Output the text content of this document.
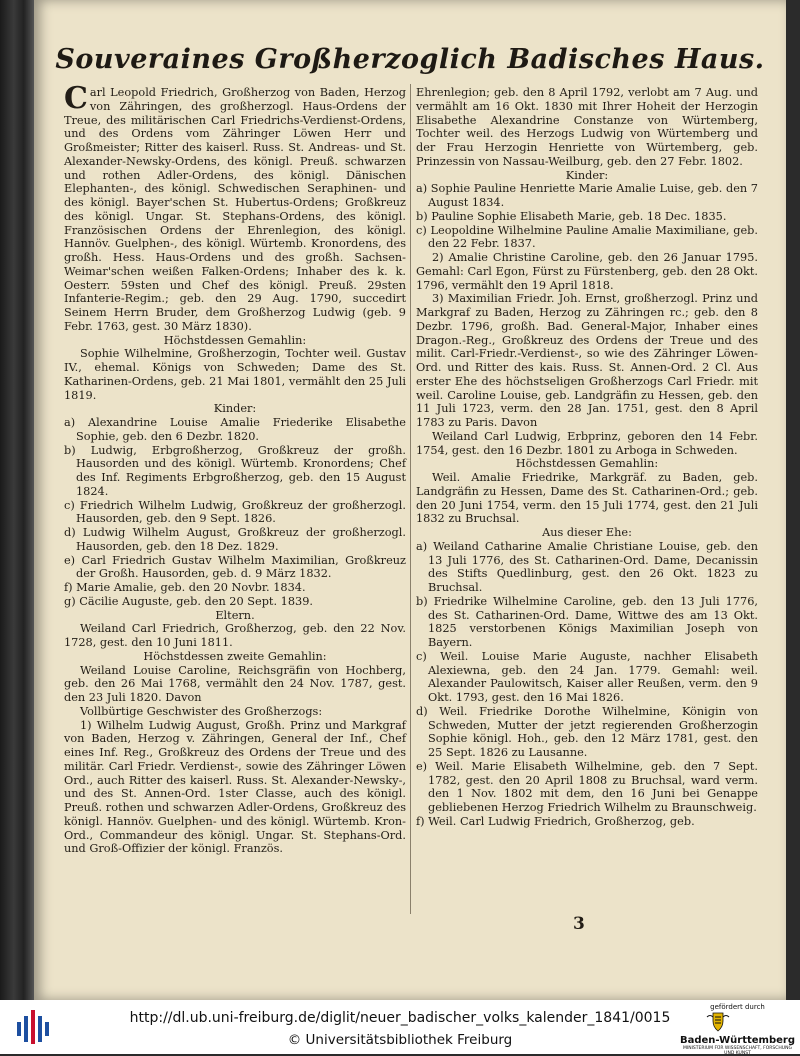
Souveraines Großherzoglich Badisches Haus.

Carl Leopold Friedrich, Großherzog von Baden, Herzog von Zähringen, des großherzogl. Haus-Ordens der Treue, des militärischen Carl Friedrichs-Verdienst-Ordens, und des Ordens vom Zähringer Löwen Herr und Großmeister; Ritter des kaiserl. Russ. St. Andreas- und St. Alexander-Newsky-Ordens, des königl. Preuß. schwarzen und rothen Adler-Ordens, des königl. Dänischen Elephanten-, des königl. Schwedischen Seraphinen- und des königl. Bayer'schen St. Hubertus-Ordens; Großkreuz des königl. Ungar. St. Stephans-Ordens, des königl. Französischen Ordens der Ehrenlegion, des königl. Hannöv. Guelphen-, des königl. Würtemb. Kronordens, des großh. Hess. Haus-Ordens und des großh. Sachsen-Weimar'schen weißen Falken-Ordens; Inhaber des k. k. Oesterr. 59sten und Chef des königl. Preuß. 29sten Infanterie-Regim.; geb. den 29 Aug. 1790, succedirt Seinem Herrn Bruder, dem Großherzog Ludwig (geb. 9 Febr. 1763, gest. 30 März 1830).

Höchstdessen Gemahlin:

Sophie Wilhelmine, Großherzogin, Tochter weil. Gustav IV., ehemal. Königs von Schweden; Dame des St. Katharinen-Ordens, geb. 21 Mai 1801, vermählt den 25 Juli 1819.

Kinder:

a) Alexandrine Louise Amalie Friederike Elisabethe Sophie, geb. den 6 Dezbr. 1820.

b) Ludwig, Erbgroßherzog, Großkreuz der großh. Hausorden und des königl. Würtemb. Kronordens; Chef des Inf. Regiments Erbgroßherzog, geb. den 15 August 1824.

c) Friedrich Wilhelm Ludwig, Großkreuz der großherzogl. Hausorden, geb. den 9 Sept. 1826.

d) Ludwig Wilhelm August, Großkreuz der großherzogl. Hausorden, geb. den 18 Dez. 1829.

e) Carl Friedrich Gustav Wilhelm Maximilian, Großkreuz der Großh. Hausorden, geb. d. 9 März 1832.

f) Marie Amalie, geb. den 20 Novbr. 1834.

g) Cäcilie Auguste, geb. den 20 Sept. 1839.

Eltern.

Weiland Carl Friedrich, Großherzog, geb. den 22 Nov. 1728, gest. den 10 Juni 1811.

Höchstdessen zweite Gemahlin:

Weiland Louise Caroline, Reichsgräfin von Hochberg, geb. den 26 Mai 1768, vermählt den 24 Nov. 1787, gest. den 23 Juli 1820. Davon

Vollbürtige Geschwister des Großherzogs:

1) Wilhelm Ludwig August, Großh. Prinz und Markgraf von Baden, Herzog v. Zähringen, General der Inf., Chef eines Inf. Reg., Großkreuz des Ordens der Treue und des militär. Carl Friedr. Verdienst-, sowie des Zähringer Löwen Ord., auch Ritter des kaiserl. Russ. St. Alexander-Newsky-, und des St. Annen-Ord. 1ster Classe, auch des königl. Preuß. rothen und schwarzen Adler-Ordens, Großkreuz des königl. Hannöv. Guelphen- und des königl. Würtemb. Kron-Ord., Commandeur des königl. Ungar. St. Stephans-Ord. und Groß-Offizier der königl. Französ.

Ehrenlegion; geb. den 8 April 1792, verlobt am 7 Aug. und vermählt am 16 Okt. 1830 mit Ihrer Hoheit der Herzogin Elisabethe Alexandrine Constanze von Würtemberg, Tochter weil. des Herzogs Ludwig von Würtemberg und der Frau Herzogin Henriette von Würtemberg, geb. Prinzessin von Nassau-Weilburg, geb. den 27 Febr. 1802.

Kinder:

a) Sophie Pauline Henriette Marie Amalie Luise, geb. den 7 August 1834.

b) Pauline Sophie Elisabeth Marie, geb. 18 Dec. 1835.

c) Leopoldine Wilhelmine Pauline Amalie Maximiliane, geb. den 22 Febr. 1837.

2) Amalie Christine Caroline, geb. den 26 Januar 1795. Gemahl: Carl Egon, Fürst zu Fürstenberg, geb. den 28 Okt. 1796, vermählt den 19 April 1818.

3) Maximilian Friedr. Joh. Ernst, großherzogl. Prinz und Markgraf zu Baden, Herzog zu Zähringen rc.; geb. den 8 Dezbr. 1796, großh. Bad. General-Major, Inhaber eines Dragon.-Reg., Großkreuz des Ordens der Treue und des milit. Carl-Friedr.-Verdienst-, so wie des Zähringer Löwen-Ord. und Ritter des kais. Russ. St. Annen-Ord. 2 Cl. Aus erster Ehe des höchstseligen Großherzogs Carl Friedr. mit weil. Caroline Louise, geb. Landgräfin zu Hessen, geb. den 11 Juli 1723, verm. den 28 Jan. 1751, gest. den 8 April 1783 zu Paris. Davon

Weiland Carl Ludwig, Erbprinz, geboren den 14 Febr. 1754, gest. den 16 Dezbr. 1801 zu Arboga in Schweden.

Höchstdessen Gemahlin:

Weil. Amalie Friedrike, Markgräf. zu Baden, geb. Landgräfin zu Hessen, Dame des St. Catharinen-Ord.; geb. den 20 Juni 1754, verm. den 15 Juli 1774, gest. den 21 Juli 1832 zu Bruchsal.

Aus dieser Ehe:

a) Weiland Catharine Amalie Christiane Louise, geb. den 13 Juli 1776, des St. Catharinen-Ord. Dame, Decanissin des Stifts Quedlinburg, gest. den 26 Okt. 1823 zu Bruchsal.

b) Friedrike Wilhelmine Caroline, geb. den 13 Juli 1776, des St. Catharinen-Ord. Dame, Wittwe des am 13 Okt. 1825 verstorbenen Königs Maximilian Joseph von Bayern.

c) Weil. Louise Marie Auguste, nachher Elisabeth Alexiewna, geb. den 24 Jan. 1779. Gemahl: weil. Alexander Paulowitsch, Kaiser aller Reußen, verm. den 9 Okt. 1793, gest. den 16 Mai 1826.

d) Weil. Friedrike Dorothe Wilhelmine, Königin von Schweden, Mutter der jetzt regierenden Großherzogin Sophie königl. Hoh., geb. den 12 März 1781, gest. den 25 Sept. 1826 zu Lausanne.

e) Weil. Marie Elisabeth Wilhelmine, geb. den 7 Sept. 1782, gest. den 20 April 1808 zu Bruchsal, ward verm. den 1 Nov. 1802 mit dem, den 16 Juni bei Genappe gebliebenen Herzog Friedrich Wilhelm zu Braunschweig.

f) Weil. Carl Ludwig Friedrich, Großherzog, geb.

3
http://dl.ub.uni-freiburg.de/diglit/neuer_badischer_volks_kalender_1841/0015
© Universitätsbibliothek Freiburg
gefördert durch
Baden-Württemberg
MINISTERIUM FÜR WISSENSCHAFT, FORSCHUNG UND KUNST
